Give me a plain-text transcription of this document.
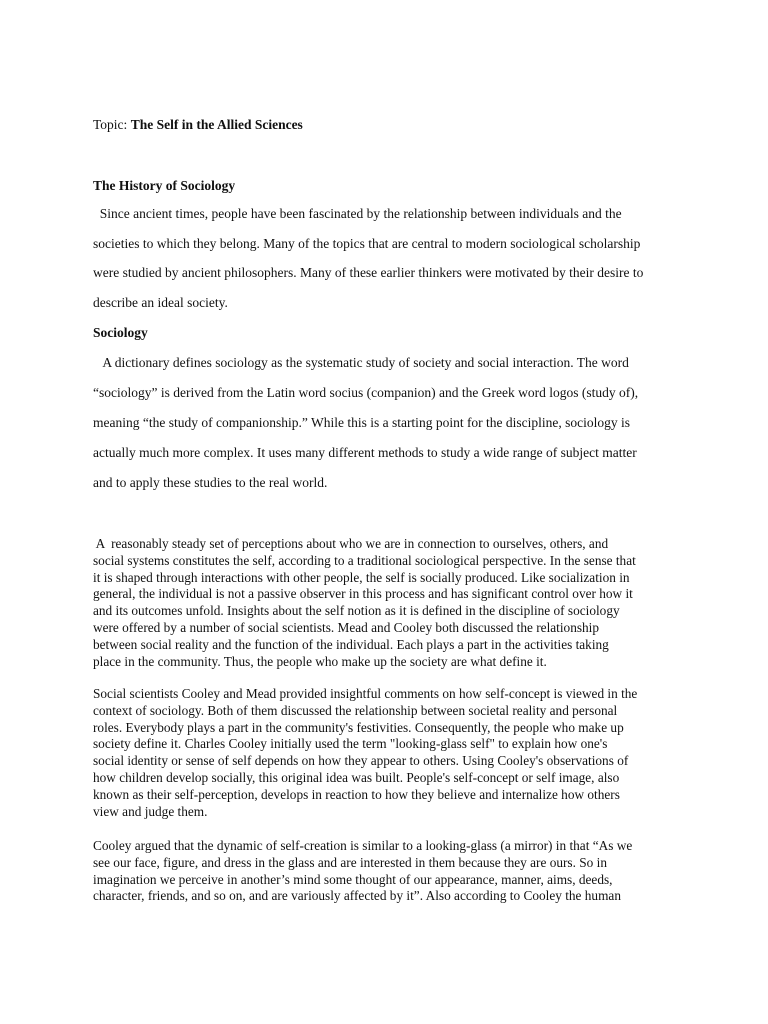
Topic: The Self in the Allied Sciences
The History of Sociology
Since ancient times, people have been fascinated by the relationship between individuals and the
societies to which they belong. Many of the topics that are central to modern sociological scholarship
were studied by ancient philosophers. Many of these earlier thinkers were motivated by their desire to
describe an ideal society.
Sociology
A dictionary defines sociology as the systematic study of society and social interaction. The word
“sociology” is derived from the Latin word socius (companion) and the Greek word logos (study of),
meaning “the study of companionship.” While this is a starting point for the discipline, sociology is
actually much more complex. It uses many different methods to study a wide range of subject matter
and to apply these studies to the real world.
A  reasonably steady set of perceptions about who we are in connection to ourselves, others, and
social systems constitutes the self, according to a traditional sociological perspective. In the sense that
it is shaped through interactions with other people, the self is socially produced. Like socialization in
general, the individual is not a passive observer in this process and has significant control over how it
and its outcomes unfold. Insights about the self notion as it is defined in the discipline of sociology
were offered by a number of social scientists. Mead and Cooley both discussed the relationship
between social reality and the function of the individual. Each plays a part in the activities taking
place in the community. Thus, the people who make up the society are what define it.
Social scientists Cooley and Mead provided insightful comments on how self-concept is viewed in the
context of sociology. Both of them discussed the relationship between societal reality and personal
roles. Everybody plays a part in the community's festivities. Consequently, the people who make up
society define it. Charles Cooley initially used the term "looking-glass self" to explain how one's
social identity or sense of self depends on how they appear to others. Using Cooley's observations of
how children develop socially, this original idea was built. People's self-concept or self image, also
known as their self-perception, develops in reaction to how they believe and internalize how others
view and judge them.
Cooley argued that the dynamic of self-creation is similar to a looking-glass (a mirror) in that “As we
see our face, figure, and dress in the glass and are interested in them because they are ours. So in
imagination we perceive in another’s mind some thought of our appearance, manner, aims, deeds,
character, friends, and so on, and are variously affected by it”. Also according to Cooley the human
